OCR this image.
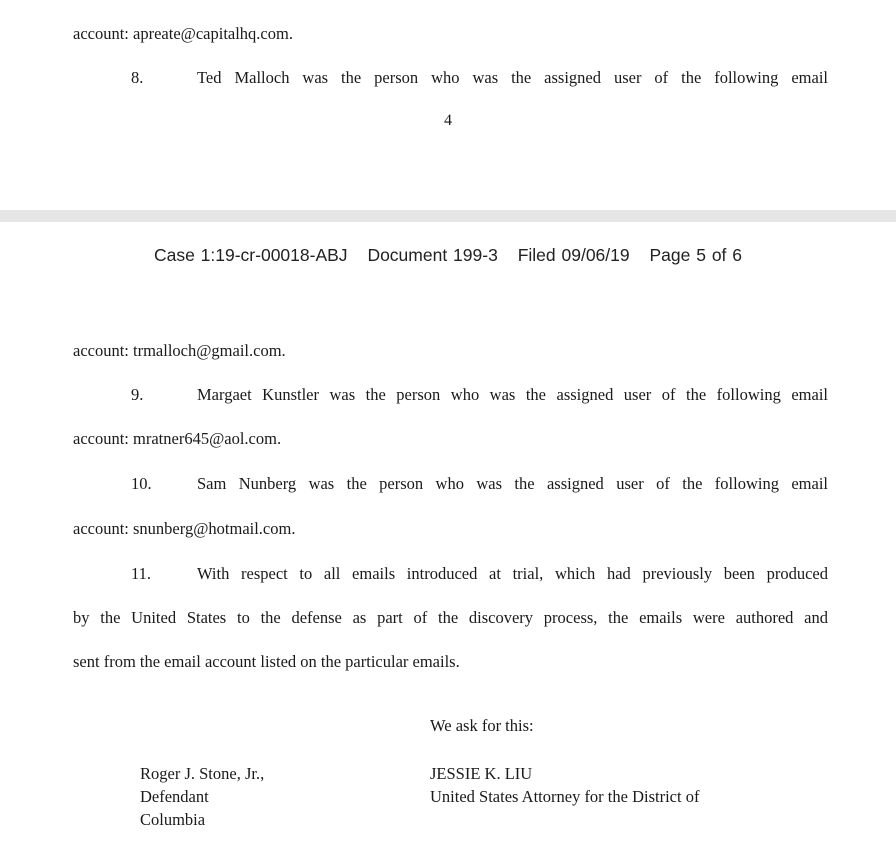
account: apreate@capitalhq.com.
8.	Ted Malloch was the person who was the assigned user of the following email
4
Case 1:19-cr-00018-ABJ Document 199-3 Filed 09/06/19 Page 5 of 6
account: trmalloch@gmail.com.
9.	Margaet Kunstler was the person who was the assigned user of the following email
account: mratner645@aol.com.
10.	Sam Nunberg was the person who was the assigned user of the following email
account: snunberg@hotmail.com.
11.	With respect to all emails introduced at trial, which had previously been produced
by the United States to the defense as part of the discovery process, the emails were authored and
sent from the email account listed on the particular emails.
We ask for this:
Roger J. Stone, Jr.,
Defendant
Columbia
JESSIE K. LIU
United States Attorney for the District of
